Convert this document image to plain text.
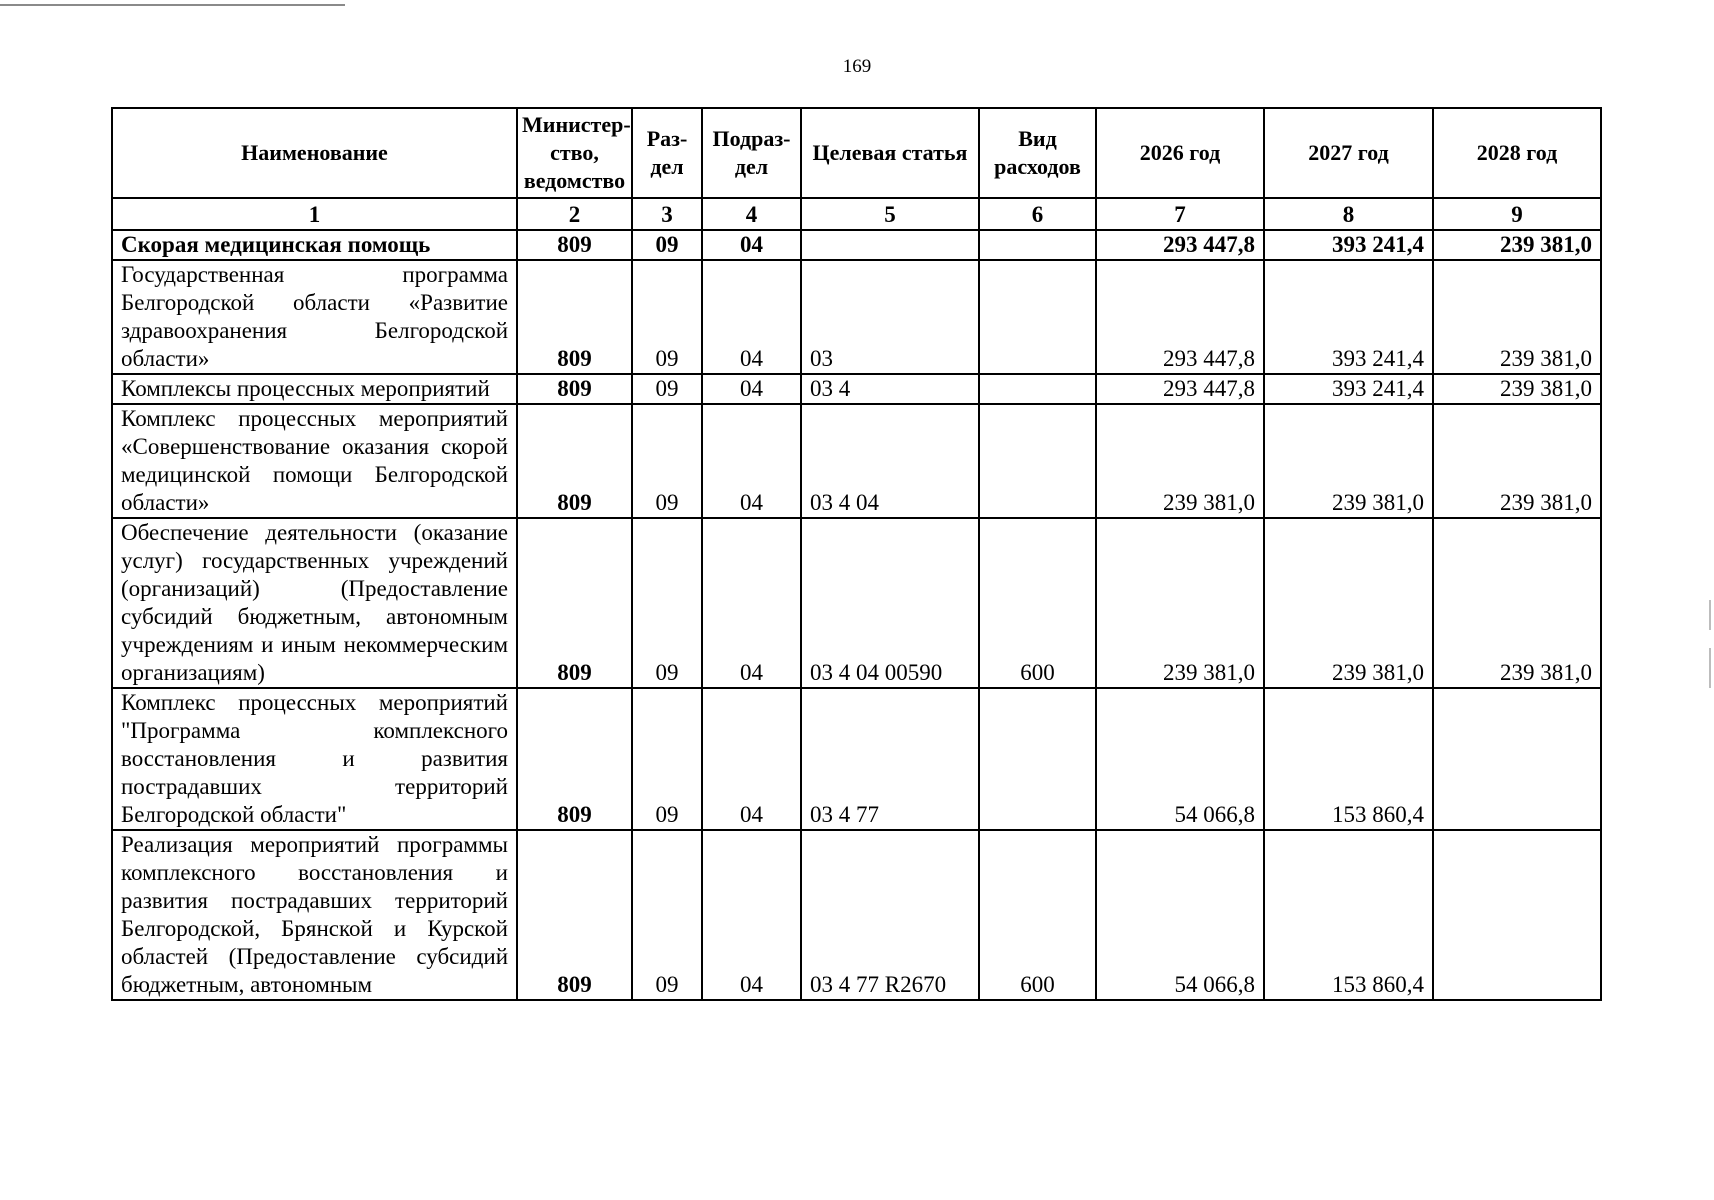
169
Наименование	Министер-ство, ведомство	Раз-дел	Подраз-дел	Целевая статья	Вид расходов	2026 год	2027 год	2028 год
1	2	3	4	5	6	7	8	9
Скорая медицинская помощь	809	09	04			293 447,8	393 241,4	239 381,0
Государственная программа Белгородской области «Развитие здравоохранения Белгородской области»	809	09	04	03		293 447,8	393 241,4	239 381,0
Комплексы процессных мероприятий	809	09	04	03 4		293 447,8	393 241,4	239 381,0
Комплекс процессных мероприятий «Совершенствование оказания скорой медицинской помощи Белгородской области»	809	09	04	03 4 04		239 381,0	239 381,0	239 381,0
Обеспечение деятельности (оказание услуг) государственных учреждений (организаций) (Предоставление субсидий бюджетным, автономным учреждениям и иным некоммерческим организациям)	809	09	04	03 4 04 00590	600	239 381,0	239 381,0	239 381,0
Комплекс процессных мероприятий "Программа комплексного восстановления и развития пострадавших территорий Белгородской области"	809	09	04	03 4 77		54 066,8	153 860,4	
Реализация мероприятий программы комплексного восстановления и развития пострадавших территорий Белгородской, Брянской и Курской областей (Предоставление субсидий бюджетным, автономным	809	09	04	03 4 77 R2670	600	54 066,8	153 860,4	
